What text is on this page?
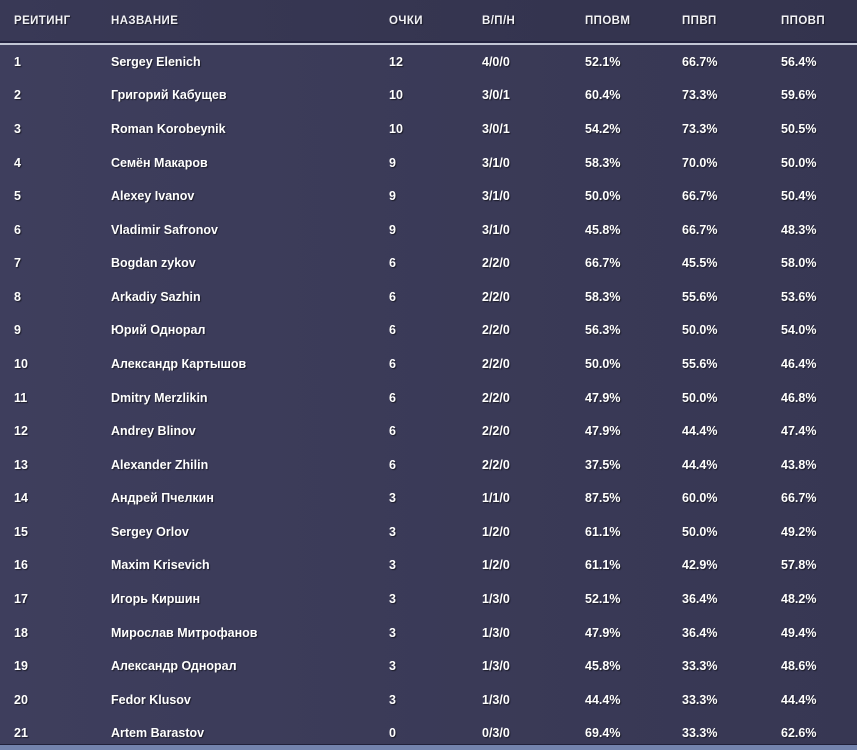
РЕЙТИНГ	НАЗВАНИЕ	ОЧКИ	В/П/Н	ППОВМ	ППВП	ППОВП
1	Sergey Elenich	12	4/0/0	52.1%	66.7%	56.4%
2	Григорий Кабущев	10	3/0/1	60.4%	73.3%	59.6%
3	Roman Korobeynik	10	3/0/1	54.2%	73.3%	50.5%
4	Семён Макаров	9	3/1/0	58.3%	70.0%	50.0%
5	Alexey Ivanov	9	3/1/0	50.0%	66.7%	50.4%
6	Vladimir Safronov	9	3/1/0	45.8%	66.7%	48.3%
7	Bogdan zykov	6	2/2/0	66.7%	45.5%	58.0%
8	Arkadiy Sazhin	6	2/2/0	58.3%	55.6%	53.6%
9	Юрий Однорал	6	2/2/0	56.3%	50.0%	54.0%
10	Александр Картышов	6	2/2/0	50.0%	55.6%	46.4%
11	Dmitry Merzlikin	6	2/2/0	47.9%	50.0%	46.8%
12	Andrey Blinov	6	2/2/0	47.9%	44.4%	47.4%
13	Alexander Zhilin	6	2/2/0	37.5%	44.4%	43.8%
14	Андрей Пчелкин	3	1/1/0	87.5%	60.0%	66.7%
15	Sergey Orlov	3	1/2/0	61.1%	50.0%	49.2%
16	Maxim Krisevich	3	1/2/0	61.1%	42.9%	57.8%
17	Игорь Киршин	3	1/3/0	52.1%	36.4%	48.2%
18	Мирослав Митрофанов	3	1/3/0	47.9%	36.4%	49.4%
19	Александр Однорал	3	1/3/0	45.8%	33.3%	48.6%
20	Fedor Klusov	3	1/3/0	44.4%	33.3%	44.4%
21	Artem Barastov	0	0/3/0	69.4%	33.3%	62.6%
